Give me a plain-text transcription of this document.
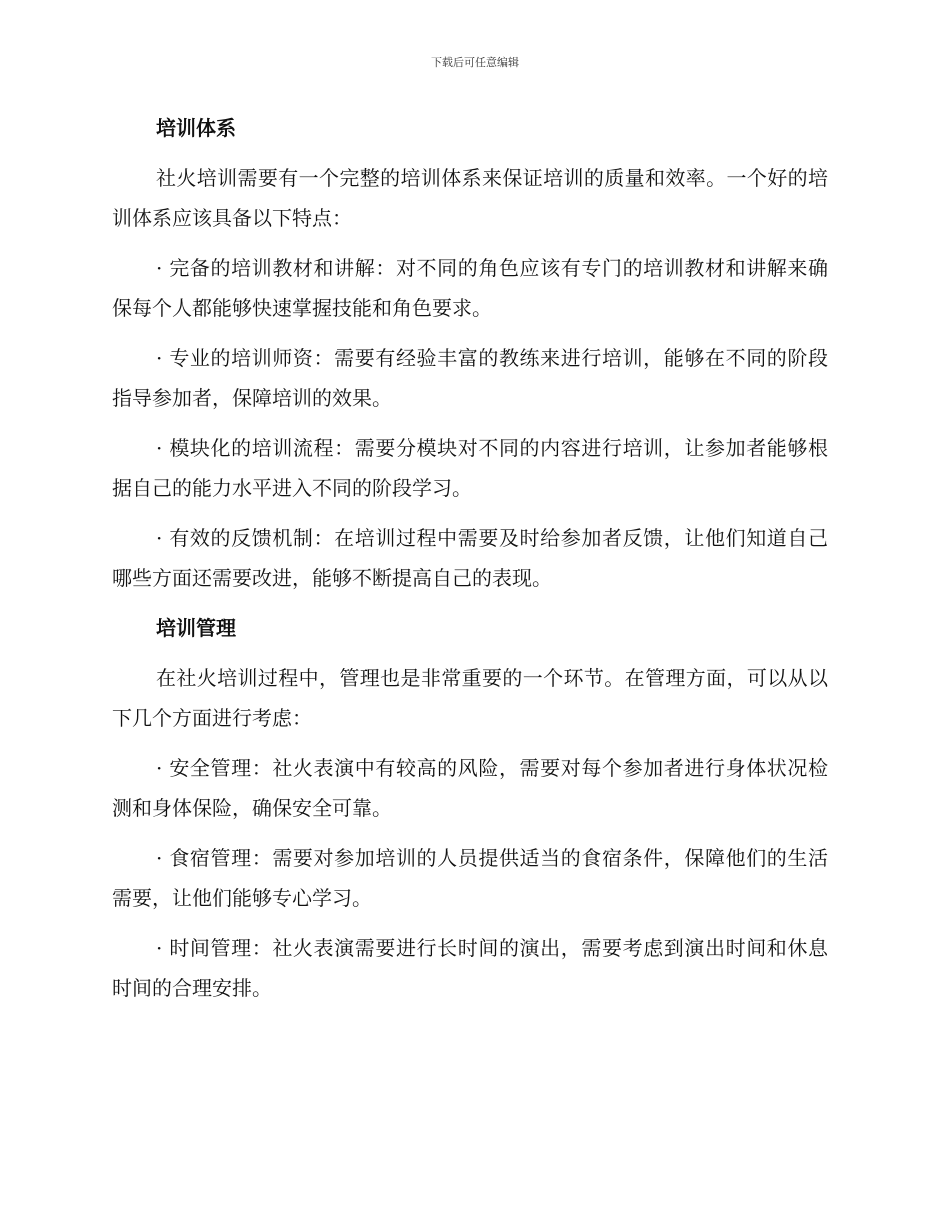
下载后可任意编辑
培训体系

社火培训需要有一个完整的培训体系来保证培训的质量和效率。一个好的培训体系应该具备以下特点：

· 完备的培训教材和讲解：对不同的角色应该有专门的培训教材和讲解来确保每个人都能够快速掌握技能和角色要求。

· 专业的培训师资：需要有经验丰富的教练来进行培训，能够在不同的阶段指导参加者，保障培训的效果。

· 模块化的培训流程：需要分模块对不同的内容进行培训，让参加者能够根据自己的能力水平进入不同的阶段学习。

· 有效的反馈机制：在培训过程中需要及时给参加者反馈，让他们知道自己哪些方面还需要改进，能够不断提高自己的表现。

培训管理

在社火培训过程中，管理也是非常重要的一个环节。在管理方面，可以从以下几个方面进行考虑：

· 安全管理：社火表演中有较高的风险，需要对每个参加者进行身体状况检测和身体保险，确保安全可靠。

· 食宿管理：需要对参加培训的人员提供适当的食宿条件，保障他们的生活需要，让他们能够专心学习。

· 时间管理：社火表演需要进行长时间的演出，需要考虑到演出时间和休息时间的合理安排。
